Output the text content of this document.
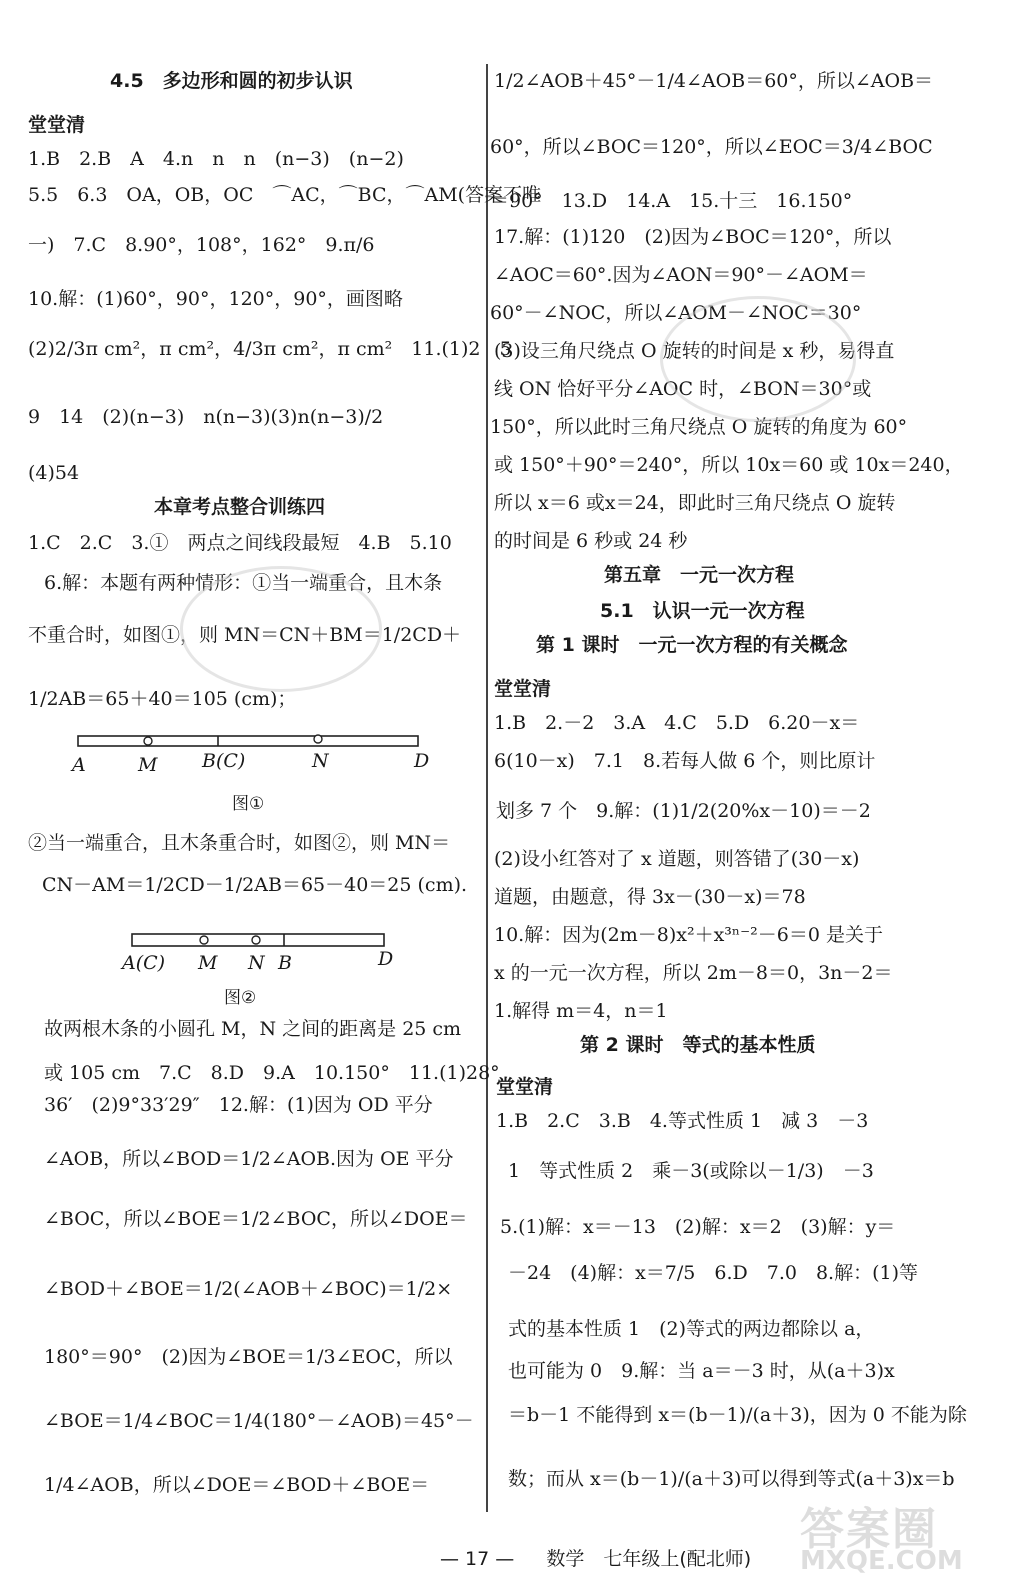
4.5　多边形和圆的初步认识
堂堂清
1.B　2.B　A　4.n　n　n　(n−3)　(n−2)
5.5　6.3　OA，OB，OC　⌒AC，⌒BC，⌒AM(答案不唯
一)　7.C　8.90°，108°，162°　9.π/6
10.解：(1)60°，90°，120°，90°，画图略
(2)2/3π cm²，π cm²，4/3π cm²，π cm²　11.(1)2　5
9　14　(2)(n−3)　n(n−3)(3)n(n−3)/2
(4)54
本章考点整合训练四
1.C　2.C　3.①　两点之间线段最短　4.B　5.10
6.解：本题有两种情形：①当一端重合，且木条
不重合时，如图①，则 MN＝CN＋BM＝1/2CD＋
1/2AB＝65＋40＝105 (cm)；
A	M B(C)	N	D
图①
②当一端重合，且木条重合时，如图②，则 MN＝
CN－AM＝1/2CD－1/2AB＝65－40＝25 (cm).
A(C) M N B	D
图②
故两根木条的小圆孔 M，N 之间的距离是 25 cm
或 105 cm　7.C　8.D　9.A　10.150°　11.(1)28°
36′　(2)9°33′29″　12.解：(1)因为 OD 平分
∠AOB，所以∠BOD＝1/2∠AOB.因为 OE 平分
∠BOC，所以∠BOE＝1/2∠BOC，所以∠DOE＝
∠BOD＋∠BOE＝1/2(∠AOB＋∠BOC)＝1/2×
180°＝90°　(2)因为∠BOE＝1/3∠EOC，所以
∠BOE＝1/4∠BOC＝1/4(180°－∠AOB)＝45°－
1/4∠AOB，所以∠DOE＝∠BOD＋∠BOE＝
1/2∠AOB＋45°－1/4∠AOB＝60°，所以∠AOB＝
60°，所以∠BOC＝120°，所以∠EOC＝3/4∠BOC
＝90°　13.D　14.A　15.十三　16.150°
17.解：(1)120　(2)因为∠BOC＝120°，所以
∠AOC＝60°.因为∠AON＝90°－∠AOM＝
60°－∠NOC，所以∠AOM－∠NOC＝30°
(3)设三角尺绕点 O 旋转的时间是 x 秒，易得直
线 ON 恰好平分∠AOC 时，∠BON＝30°或
150°，所以此时三角尺绕点 O 旋转的角度为 60°
或 150°＋90°＝240°，所以 10x＝60 或 10x＝240，
所以 x＝6 或x＝24，即此时三角尺绕点 O 旋转
的时间是 6 秒或 24 秒
第五章　一元一次方程
5.1　认识一元一次方程
第 1 课时　一元一次方程的有关概念
堂堂清
1.B　2.－2　3.A　4.C　5.D　6.20－x＝
6(10－x)　7.1　8.若每人做 6 个，则比原计
划多 7 个　9.解：(1)1/2(20%x－10)＝－2
(2)设小红答对了 x 道题，则答错了(30－x)
道题，由题意，得 3x－(30－x)＝78
10.解：因为(2m－8)x²＋x³ⁿ⁻²－6＝0 是关于
x 的一元一次方程，所以 2m－8＝0，3n－2＝
1.解得 m＝4，n＝1
第 2 课时　等式的基本性质
堂堂清
1.B　2.C　3.B　4.等式性质 1　减 3　－3
1　等式性质 2　乘－3(或除以－1/3)　－3
5.(1)解：x＝－13　(2)解：x＝2　(3)解：y＝
－24　(4)解：x＝7/5　6.D　7.0　8.解：(1)等
式的基本性质 1　(2)等式的两边都除以 a，
也可能为 0　9.解：当 a＝－3 时，从(a＋3)x
＝b－1 不能得到 x＝(b－1)/(a＋3)，因为 0 不能为除
数；而从 x＝(b－1)/(a＋3)可以得到等式(a＋3)x＝b
— 17 — 数学　七年级上(配北师)
答案圈
MXQE.COM
